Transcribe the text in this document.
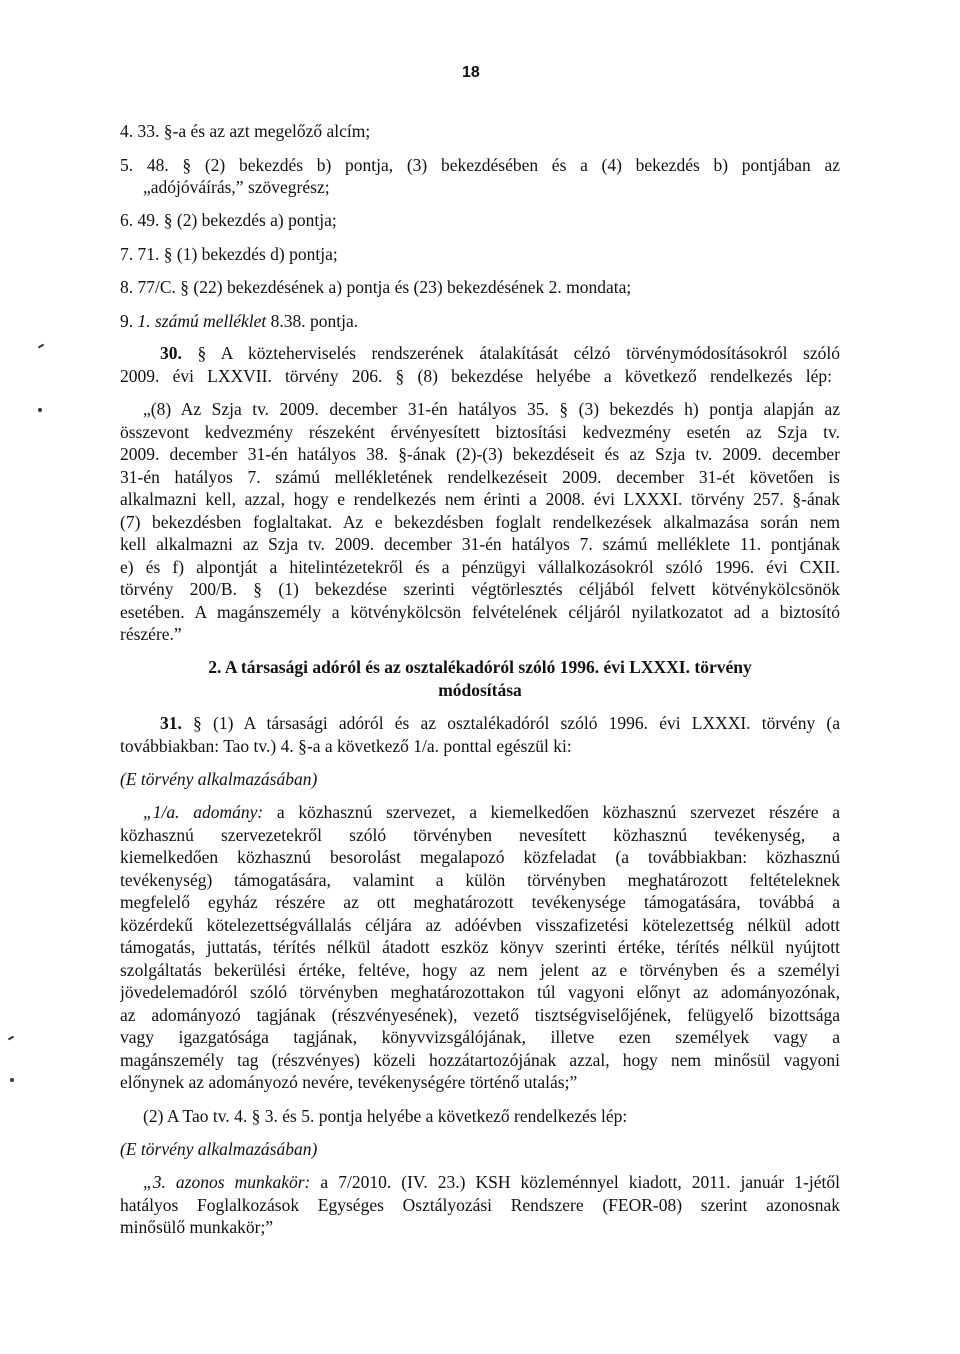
18
4. 33. §-a és az azt megelőző alcím;
5. 48. § (2) bekezdés b) pontja, (3) bekezdésében és a (4) bekezdés b) pontjában az
„adójóváírás,” szövegrész;
6. 49. § (2) bekezdés a) pontja;
7. 71. § (1) bekezdés d) pontja;
8. 77/C. § (22) bekezdésének a) pontja és (23) bekezdésének 2. mondata;
9. 1. számú melléklet 8.38. pontja.
30. § A közteherviselés rendszerének átalakítását célzó törvénymódosításokról szóló
2009. évi LXXVII. törvény 206. § (8) bekezdése helyébe a következő rendelkezés lép:
„(8) Az Szja tv. 2009. december 31-én hatályos 35. § (3) bekezdés h) pontja alapján az
összevont kedvezmény részeként érvényesített biztosítási kedvezmény esetén az Szja tv.
2009. december 31-én hatályos 38. §-ának (2)-(3) bekezdéseit és az Szja tv. 2009. december
31-én hatályos 7. számú mellékletének rendelkezéseit 2009. december 31-ét követően is
alkalmazni kell, azzal, hogy e rendelkezés nem érinti a 2008. évi LXXXI. törvény 257. §-ának
(7) bekezdésben foglaltakat. Az e bekezdésben foglalt rendelkezések alkalmazása során nem
kell alkalmazni az Szja tv. 2009. december 31-én hatályos 7. számú melléklete 11. pontjának
e) és f) alpontját a hitelintézetekről és a pénzügyi vállalkozásokról szóló 1996. évi CXII.
törvény 200/B. § (1) bekezdése szerinti végtörlesztés céljából felvett kötvénykölcsönök
esetében. A magánszemély a kötvénykölcsön felvételének céljáról nyilatkozatot ad a biztosító
részére.”
2. A társasági adóról és az osztalékadóról szóló 1996. évi LXXXI. törvény
módosítása
31. § (1) A társasági adóról és az osztalékadóról szóló 1996. évi LXXXI. törvény (a
továbbiakban: Tao tv.) 4. §-a a következő 1/a. ponttal egészül ki:
(E törvény alkalmazásában)
„1/a. adomány: a közhasznú szervezet, a kiemelkedően közhasznú szervezet részére a
közhasznú szervezetekről szóló törvényben nevesített közhasznú tevékenység, a
kiemelkedően közhasznú besorolást megalapozó közfeladat (a továbbiakban: közhasznú
tevékenység) támogatására, valamint a külön törvényben meghatározott feltételeknek
megfelelő egyház részére az ott meghatározott tevékenysége támogatására, továbbá a
közérdekű kötelezettségvállalás céljára az adóévben visszafizetési kötelezettség nélkül adott
támogatás, juttatás, térítés nélkül átadott eszköz könyv szerinti értéke, térítés nélkül nyújtott
szolgáltatás bekerülési értéke, feltéve, hogy az nem jelent az e törvényben és a személyi
jövedelemadóról szóló törvényben meghatározottakon túl vagyoni előnyt az adományozónak,
az adományozó tagjának (részvényesének), vezető tisztségviselőjének, felügyelő bizottsága
vagy igazgatósága tagjának, könyvvizsgálójának, illetve ezen személyek vagy a
magánszemély tag (részvényes) közeli hozzátartozójának azzal, hogy nem minősül vagyoni
előnynek az adományozó nevére, tevékenységére történő utalás;”
(2) A Tao tv. 4. § 3. és 5. pontja helyébe a következő rendelkezés lép:
(E törvény alkalmazásában)
„3. azonos munkakör: a 7/2010. (IV. 23.) KSH közleménnyel kiadott, 2011. január 1-jétől
hatályos Foglalkozások Egységes Osztályozási Rendszere (FEOR-08) szerint azonosnak
minősülő munkakör;”
